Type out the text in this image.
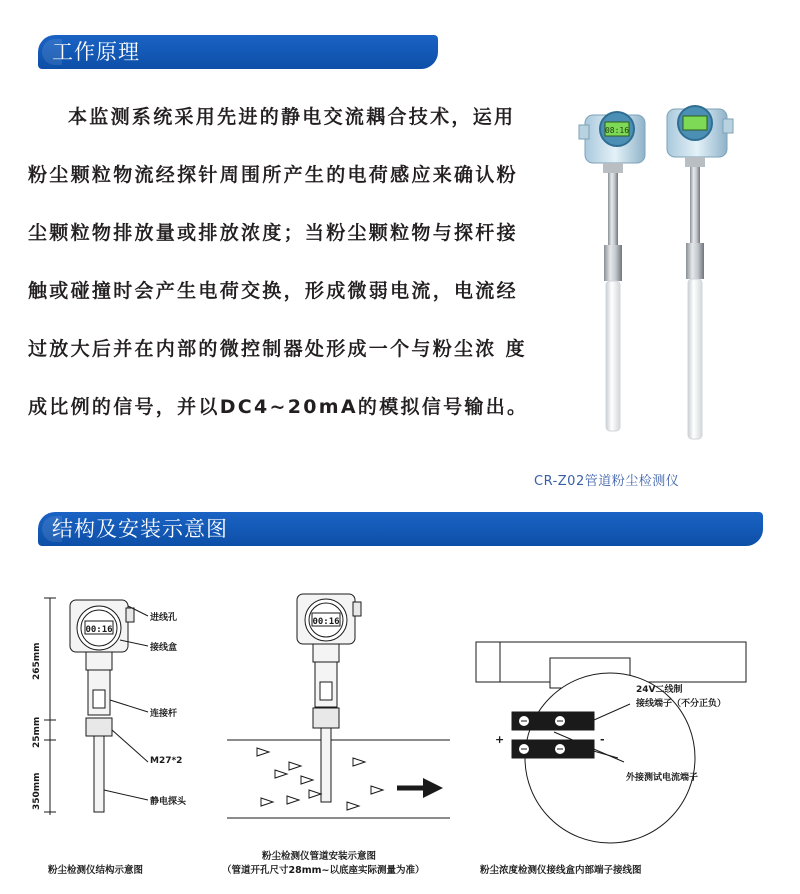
工作原理
本监测系统采用先进的静电交流耦合技术，运用
粉尘颗粒物流经探针周围所产生的电荷感应来确认粉
尘颗粒物排放量或排放浓度；当粉尘颗粒物与探杆接
触或碰撞时会产生电荷交换，形成微弱电流，电流经
过放大后并在内部的微控制器处形成一个与粉尘浓 度
成比例的信号，并以DC4~20mA的模拟信号输出。
08:16
CR-Z02管道粉尘检测仪
结构及安装示意图
00:16
进线孔
接线盒
连接杆
M27*2
静电探头
265mm
25mm
350mm
粉尘检测仪结构示意图
00:16
粉尘检测仪管道安装示意图
（管道开孔尺寸28mm~以底座实际测量为准）
24V二线制
接线端子（不分正负）
外接测试电流端子
+	-
粉尘浓度检测仪接线盒内部端子接线图
